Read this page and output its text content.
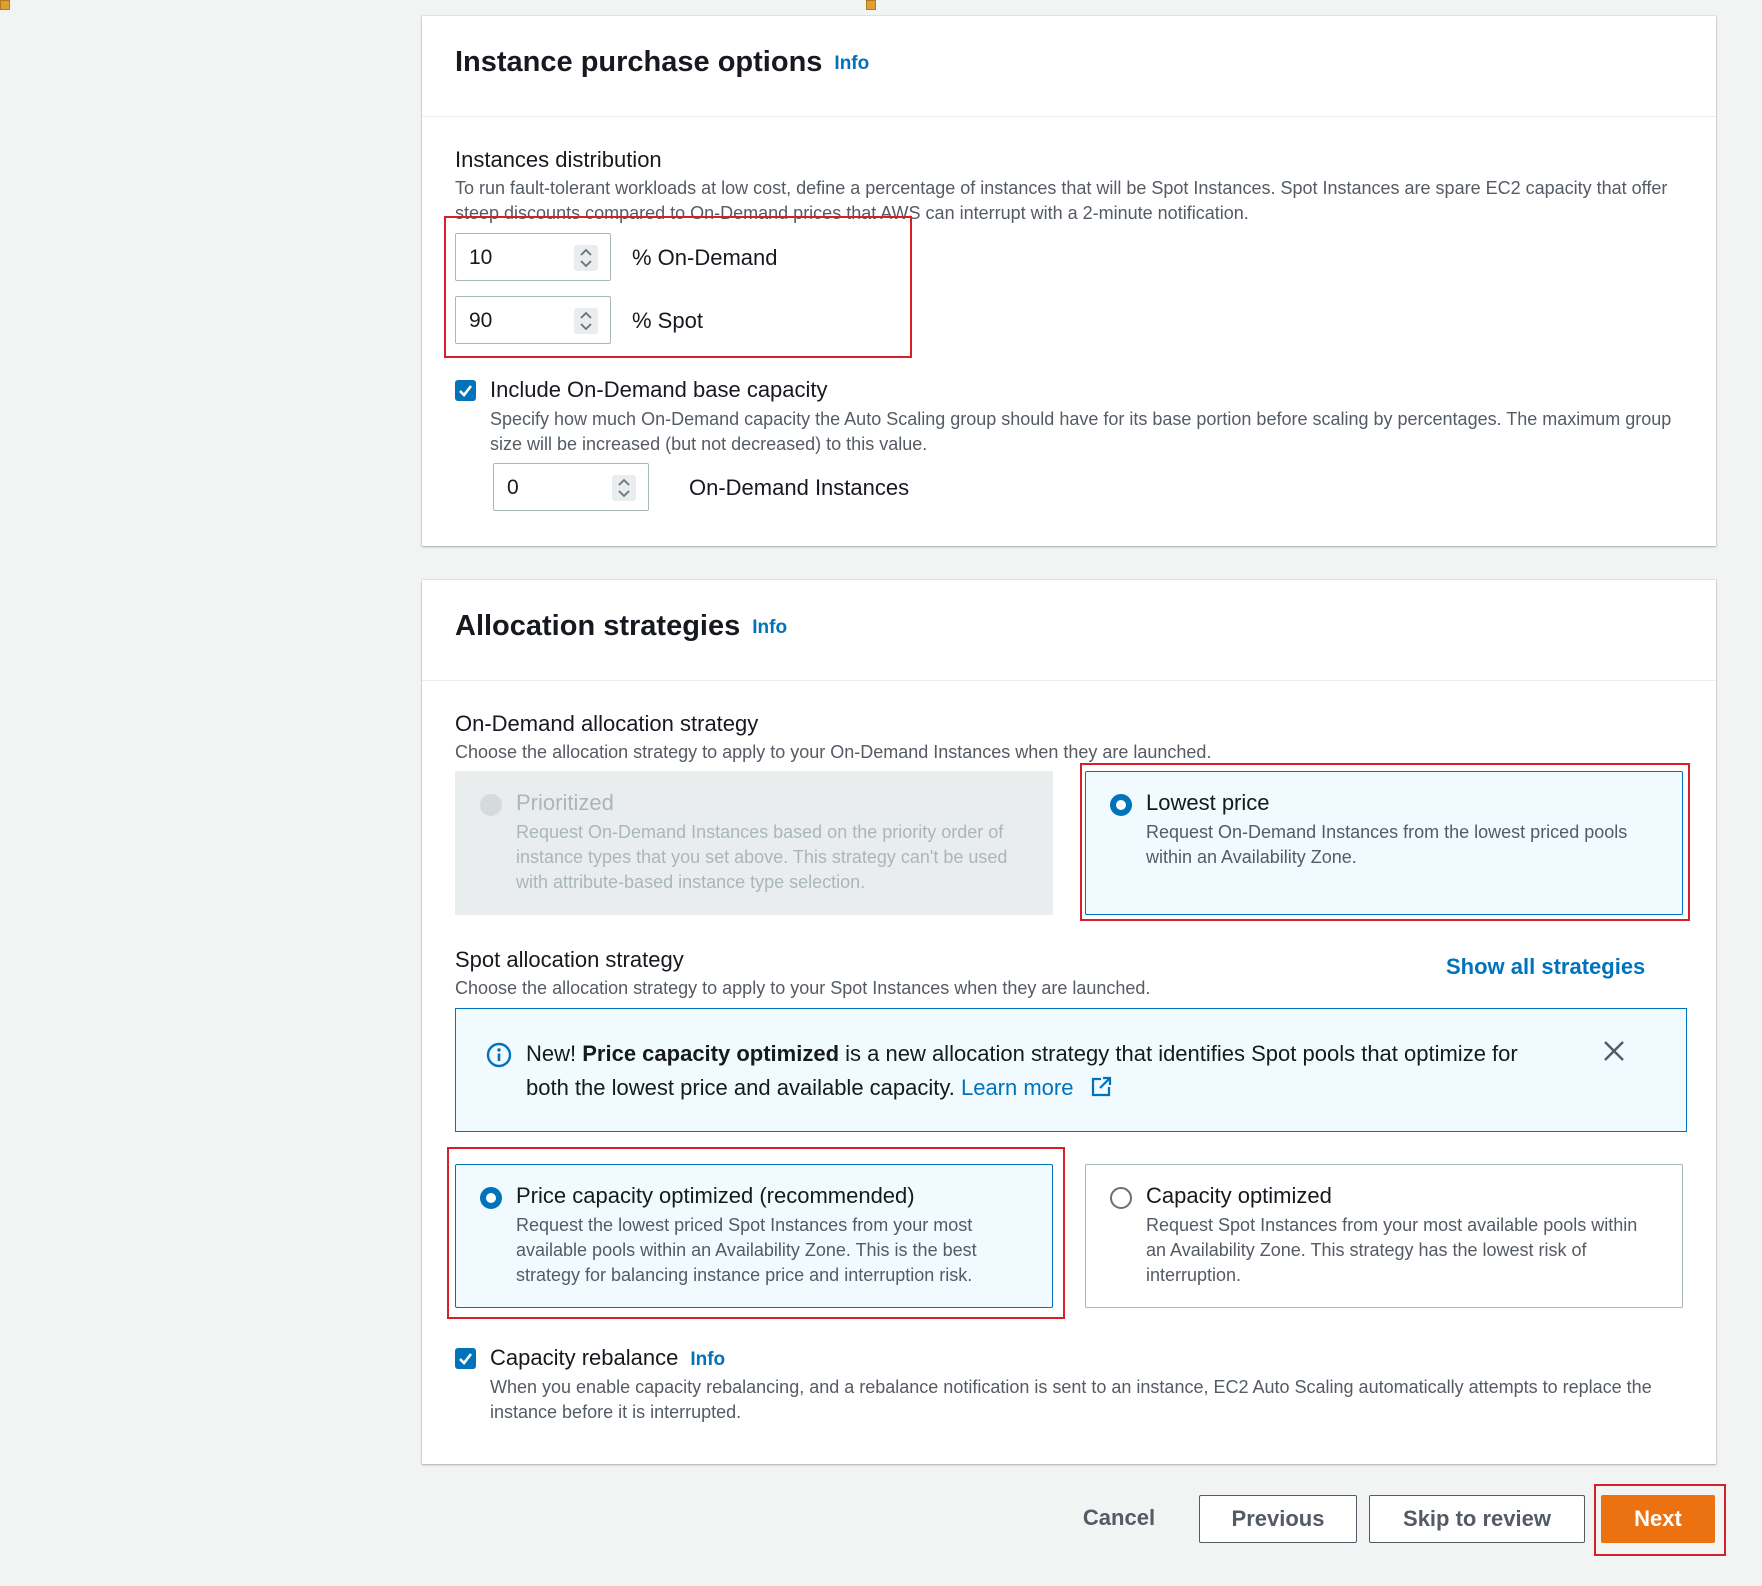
Instance purchase options Info
Instances distribution
To run fault-tolerant workloads at low cost, define a percentage of instances that will be Spot Instances. Spot Instances are spare EC2 capacity that offer steep discounts compared to On-Demand prices that AWS can interrupt with a 2-minute notification.
10	% On-Demand
90	% Spot
Include On-Demand base capacity
Specify how much On-Demand capacity the Auto Scaling group should have for its base portion before scaling by percentages. The maximum group size will be increased (but not decreased) to this value.
0	On-Demand Instances
Allocation strategies Info
On-Demand allocation strategy
Choose the allocation strategy to apply to your On-Demand Instances when they are launched.
Prioritized
Request On-Demand Instances based on the priority order of instance types that you set above. This strategy can't be used with attribute-based instance type selection.
Lowest price
Request On-Demand Instances from the lowest priced pools within an Availability Zone.
Spot allocation strategy	Show all strategies
Choose the allocation strategy to apply to your Spot Instances when they are launched.
New! Price capacity optimized is a new allocation strategy that identifies Spot pools that optimize for both the lowest price and available capacity. Learn more
Price capacity optimized (recommended)
Request the lowest priced Spot Instances from your most available pools within an Availability Zone. This is the best strategy for balancing instance price and interruption risk.
Capacity optimized
Request Spot Instances from your most available pools within an Availability Zone. This strategy has the lowest risk of interruption.
Capacity rebalance Info
When you enable capacity rebalancing, and a rebalance notification is sent to an instance, EC2 Auto Scaling automatically attempts to replace the instance before it is interrupted.
Cancel	Previous	Skip to review	Next
